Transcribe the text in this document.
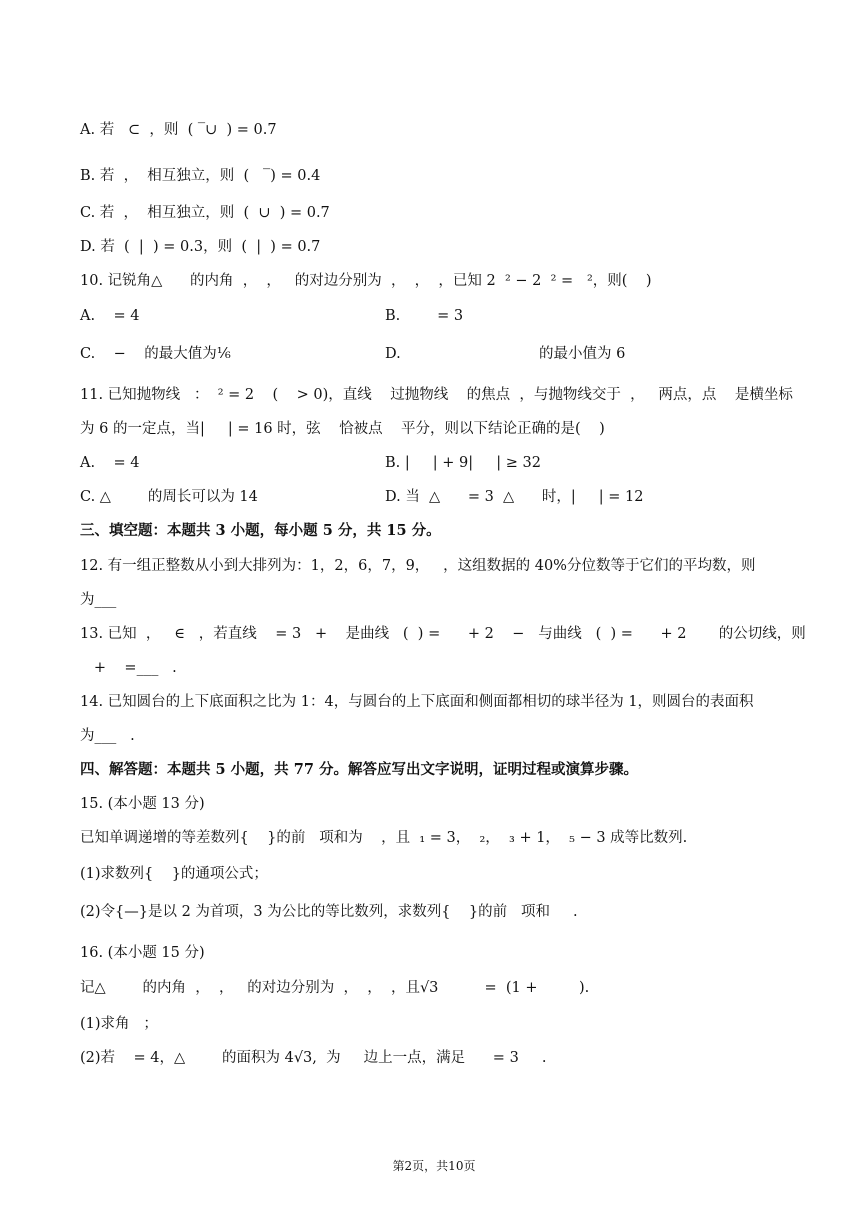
A. 若   ⊂  ，则  ( ‾∪  ) = 0.7
B. 若  ，  相互独立，则  (   ‾) = 0.4
C. 若  ，  相互独立，则  (  ∪  ) = 0.7
D. 若  (  |  ) = 0.3，则  (  |  ) = 0.7
10. 记锐角△      的内角  ，  ，   的对边分别为  ，  ，  ，已知 2  ² − 2  ² =   ²，则(    )
A.    = 4	B.        = 3
C.    −    的最大值为⅙	D.                              的最小值为 6
11. 已知抛物线   ：  ² = 2    (    > 0)，直线    过抛物线    的焦点  ，与抛物线交于  ，   两点，点    是横坐标
为 6 的一定点，当|     | = 16 时，弦    恰被点    平分，则以下结论正确的是(    )
A.    = 4	B. |     | + 9|     | ≥ 32
C. △        的周长可以为 14	D. 当  △      = 3  △      时，|     | = 12
三、填空题：本题共 3 小题，每小题 5 分，共 15 分。
12. 有一组正整数从小到大排列为：1，2，6，7，9，   ，这组数据的 40%分位数等于它们的平均数，则
为___
13. 已知  ，   ∈   ，若直线    = 3   +    是曲线   (  ) =      + 2    −   与曲线   (  ) =      + 2       的公切线，则
+    =___   .
14. 已知圆台的上下底面积之比为 1：4，与圆台的上下底面和侧面都相切的球半径为 1，则圆台的表面积
为___   .
四、解答题：本题共 5 小题，共 77 分。解答应写出文字说明，证明过程或演算步骤。
15. (本小题 13 分)
已知单调递增的等差数列{    }的前   项和为    ，且  ₁ = 3，  ₂，  ₃ + 1，  ₅ − 3 成等比数列.
(1)求数列{    }的通项公式；
(2)令{—}是以 2 为首项，3 为公比的等比数列，求数列{    }的前   项和     .
16. (本小题 15 分)
记△        的内角  ，  ，   的对边分别为  ，  ，  ，且√3          =  (1 +         ).
(1)求角   ；
(2)若    = 4，△        的面积为 4√3,  为     边上一点，满足      = 3     .
第2页，共10页
